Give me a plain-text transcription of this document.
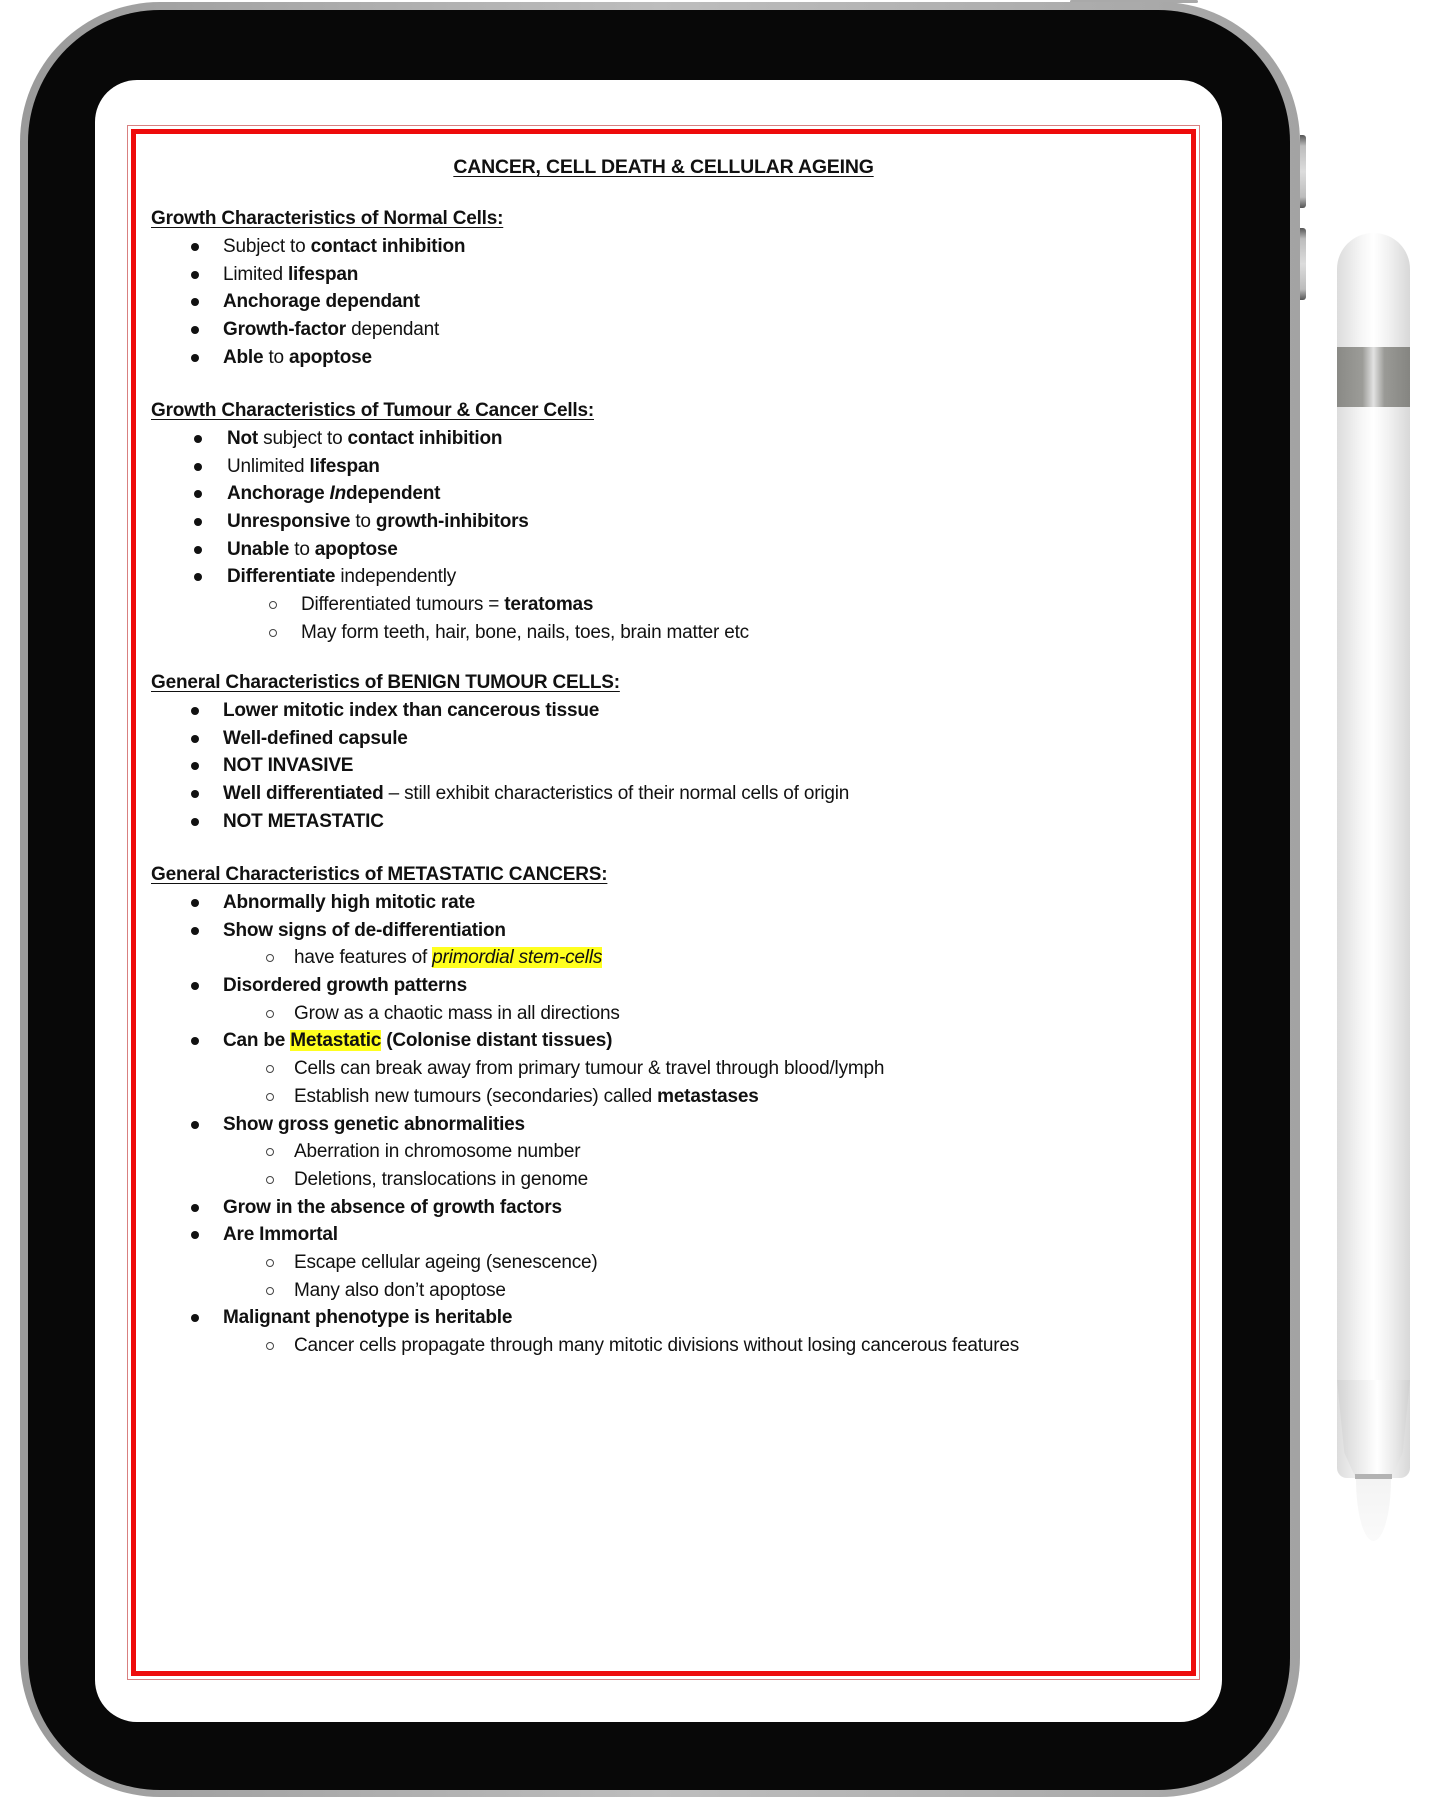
CANCER, CELL DEATH & CELLULAR AGEING
Growth Characteristics of Normal Cells:
Subject to contact inhibition
Limited lifespan
Anchorage dependant
Growth-factor dependant
Able to apoptose
Growth Characteristics of Tumour & Cancer Cells:
Not subject to contact inhibition
Unlimited lifespan
Anchorage Independent
Unresponsive to growth-inhibitors
Unable to apoptose
Differentiate independently
Differentiated tumours = teratomas
May form teeth, hair, bone, nails, toes, brain matter etc
General Characteristics of BENIGN TUMOUR CELLS:
Lower mitotic index than cancerous tissue
Well-defined capsule
NOT INVASIVE
Well differentiated – still exhibit characteristics of their normal cells of origin
NOT METASTATIC
General Characteristics of METASTATIC CANCERS:
Abnormally high mitotic rate
Show signs of de-differentiation
have features of primordial stem-cells
Disordered growth patterns
Grow as a chaotic mass in all directions
Can be Metastatic (Colonise distant tissues)
Cells can break away from primary tumour & travel through blood/lymph
Establish new tumours (secondaries) called metastases
Show gross genetic abnormalities
Aberration in chromosome number
Deletions, translocations in genome
Grow in the absence of growth factors
Are Immortal
Escape cellular ageing (senescence)
Many also don’t apoptose
Malignant phenotype is heritable
Cancer cells propagate through many mitotic divisions without losing cancerous features
